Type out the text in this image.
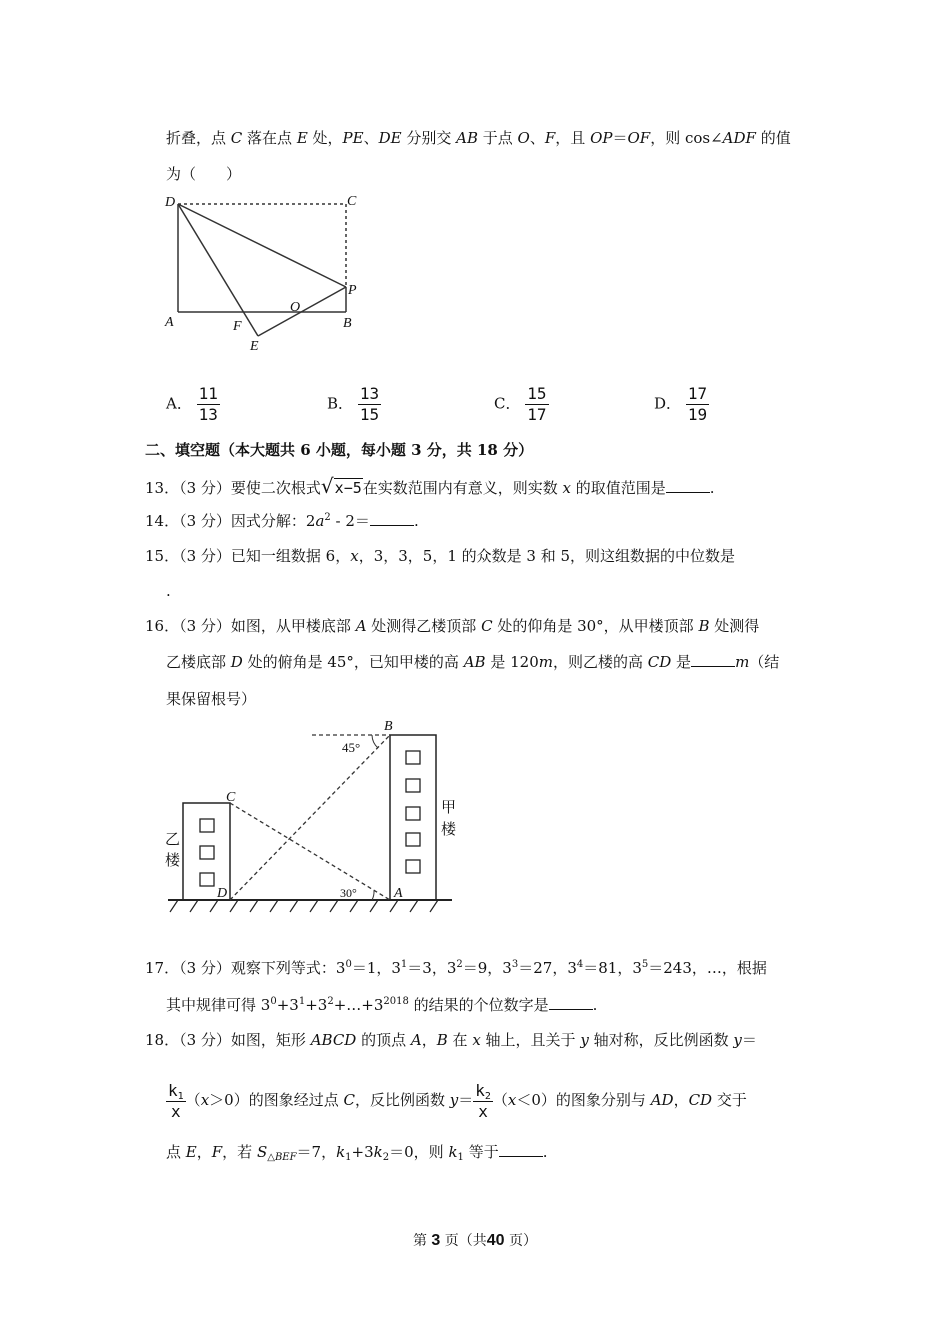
折叠，点 C 落在点 E 处，PE、DE 分别交 AB 于点 O、F，且 OP＝OF，则 cos∠ADF 的值
为（　　）
D	C
P
O
A	F	B
E
A． $\frac{11}{13}$	B． $\frac{13}{15}$	C． $\frac{15}{17}$	D． $\frac{17}{19}$
二、填空题（本大题共 6 小题，每小题 3 分，共 18 分）
13．（3 分）要使二次根式√x−5在实数范围内有意义，则实数 x 的取值范围是	.
14．（3 分）因式分解：$2a^2 - 2=$	.
15．（3 分）已知一组数据 6，x，3，3，5，1 的众数是 3 和 5，则这组数据的中位数是
.
16．（3 分）如图，从甲楼底部 A 处测得乙楼顶部 C 处的仰角是 30°，从甲楼顶部 B 处测得
乙楼底部 D 处的俯角是 45°，已知甲楼的高 AB 是 120m，则乙楼的高 CD 是	m（结
果保留根号）
B
C
D	A
45°
30°
甲
楼
乙
楼
17．（3 分）观察下列等式：$3^0=1$，$3^1=3$，$3^2=9$，$3^3=27$，$3^4=81$，$3^5=243$，…，根据
其中规律可得 $3^0+3^1+3^2+\dots+3^{2018}$ 的结果的个位数字是	.
18．（3 分）如图，矩形 ABCD 的顶点 A，B 在 x 轴上，且关于 y 轴对称，反比例函数 y＝
$\frac{k_1}{x} (x>0)$的图象经过点 C，反比例函数 $y= \frac{k_2}{x} (x<0)$的图象分别与 AD，CD 交于
点 E，F，若 $S_{\triangle BEF}=7$，$k_1+3k_2=0$，则 $k_1$ 等于	.
第 3 页（共40 页）
